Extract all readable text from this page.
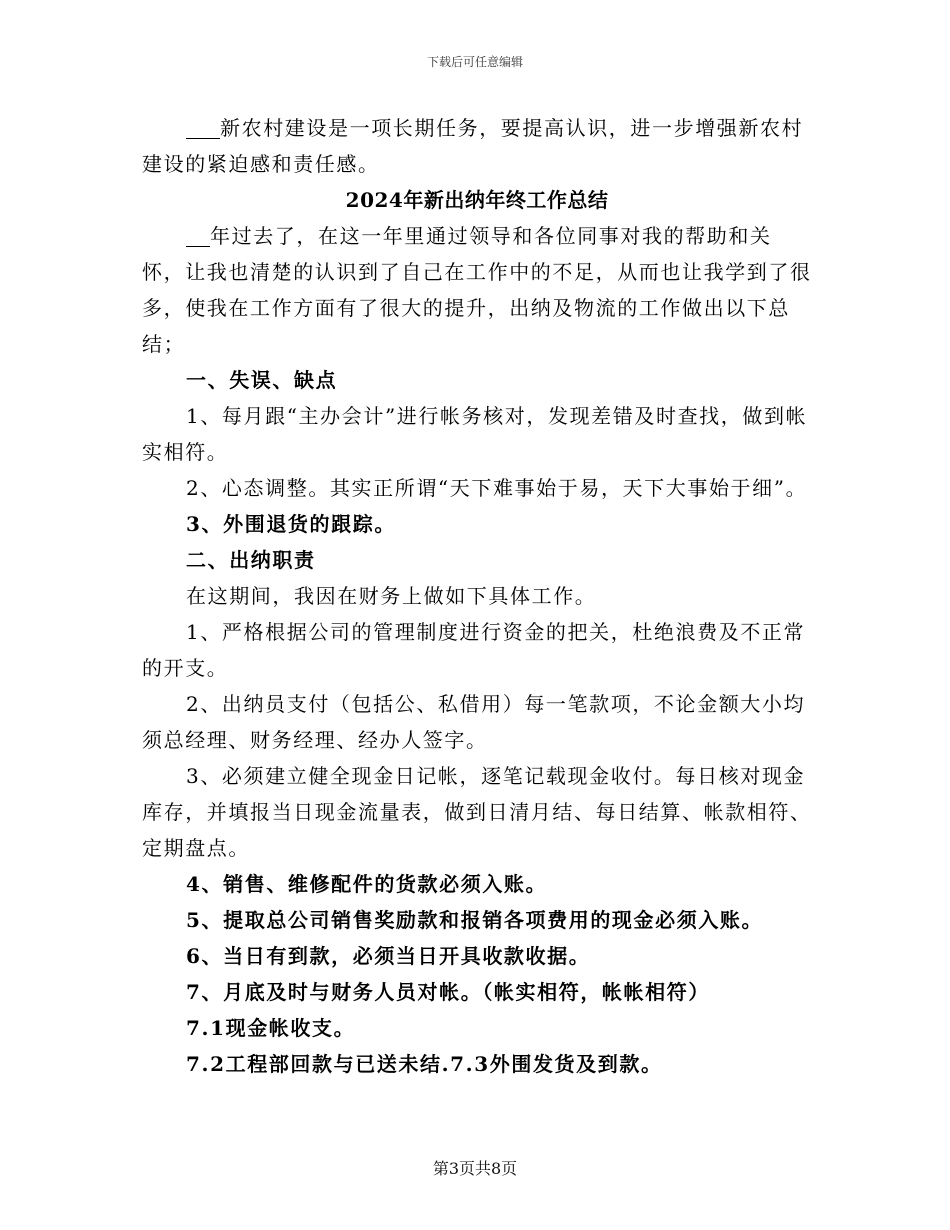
下载后可任意编辑

新农村建设是一项长期任务，要提高认识，进一步增强新农村建设的紧迫感和责任感。

2024年新出纳年终工作总结

年过去了，在这一年里通过领导和各位同事对我的帮助和关怀，让我也清楚的认识到了自己在工作中的不足，从而也让我学到了很多，使我在工作方面有了很大的提升，出纳及物流的工作做出以下总结；

一、失误、缺点

1、每月跟“主办会计”进行帐务核对，发现差错及时查找，做到帐实相符。

2、心态调整。其实正所谓“天下难事始于易，天下大事始于细”。

3、外围退货的跟踪。

二、出纳职责

在这期间，我因在财务上做如下具体工作。

1、严格根据公司的管理制度进行资金的把关，杜绝浪费及不正常的开支。

2、出纳员支付（包括公、私借用）每一笔款项，不论金额大小均须总经理、财务经理、经办人签字。

3、必须建立健全现金日记帐，逐笔记载现金收付。每日核对现金库存，并填报当日现金流量表，做到日清月结、每日结算、帐款相符、定期盘点。

4、销售、维修配件的货款必须入账。

5、提取总公司销售奖励款和报销各项费用的现金必须入账。

6、当日有到款，必须当日开具收款收据。

7、月底及时与财务人员对帐。（帐实相符，帐帐相符）

7.1现金帐收支。

7.2工程部回款与已送未结.7.3外围发货及到款。

第3页共8页
